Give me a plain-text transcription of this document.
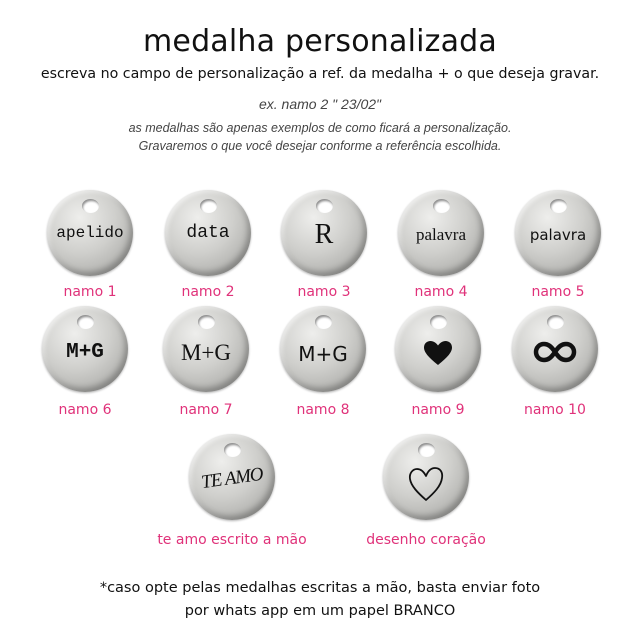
medalha personalizada
escreva no campo de personalização a ref. da medalha + o que deseja gravar.
ex. namo 2 " 23/02"
as medalhas são apenas exemplos de como ficará a personalização.
Gravaremos o que você desejar conforme a referência escolhida.
apelido
namo 1
data
namo 2
R
namo 3
palavra
namo 4
palavra
namo 5
M+G
namo 6
M+G
namo 7
M+G
namo 8	namo 9	namo 10
TE AMO
te amo escrito a mão	desenho coração
*caso opte pelas medalhas escritas a mão, basta enviar foto
por whats app em um papel BRANCO
